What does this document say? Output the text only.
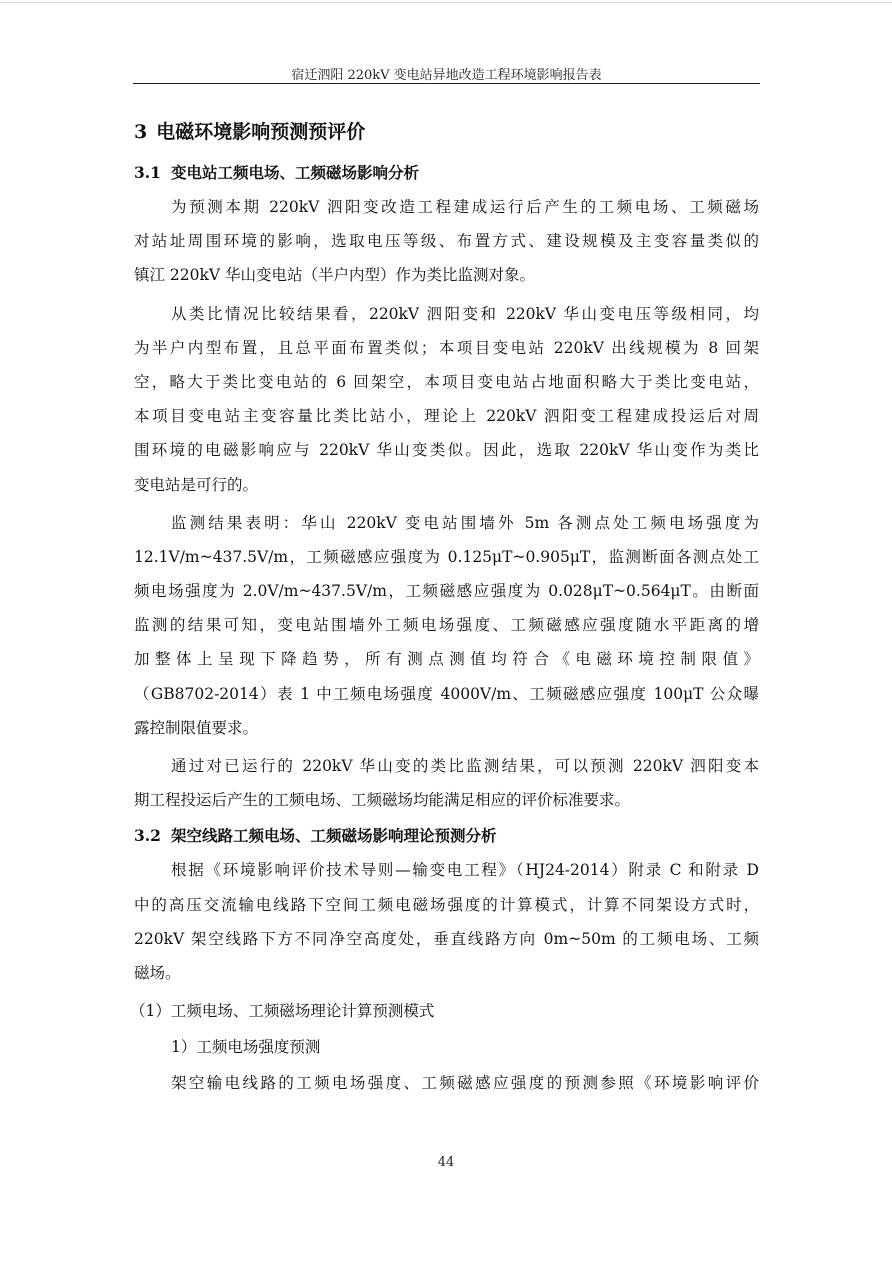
宿迁泗阳 220kV 变电站异地改造工程环境影响报告表
3 电磁环境影响预测预评价
3.1 变电站工频电场、工频磁场影响分析
为预测本期 220kV 泗阳变改造工程建成运行后产生的工频电场、工频磁场
对站址周围环境的影响，选取电压等级、布置方式、建设规模及主变容量类似的
镇江 220kV 华山变电站（半户内型）作为类比监测对象。
从类比情况比较结果看，220kV 泗阳变和 220kV 华山变电压等级相同，均
为半户内型布置，且总平面布置类似；本项目变电站 220kV 出线规模为 8 回架
空，略大于类比变电站的 6 回架空，本项目变电站占地面积略大于类比变电站，
本项目变电站主变容量比类比站小，理论上 220kV 泗阳变工程建成投运后对周
围环境的电磁影响应与 220kV 华山变类似。因此，选取 220kV 华山变作为类比
变电站是可行的。
监测结果表明：华山 220kV 变电站围墙外 5m 各测点处工频电场强度为
12.1V/m~437.5V/m，工频磁感应强度为 0.125μT~0.905μT，监测断面各测点处工
频电场强度为 2.0V/m~437.5V/m，工频磁感应强度为 0.028μT~0.564μT。由断面
监测的结果可知，变电站围墙外工频电场强度、工频磁感应强度随水平距离的增
加整体上呈现下降趋势，所有测点测值均符合《电磁环境控制限值》
（GB8702-2014）表 1 中工频电场强度 4000V/m、工频磁感应强度 100μT 公众曝
露控制限值要求。
通过对已运行的 220kV 华山变的类比监测结果，可以预测 220kV 泗阳变本
期工程投运后产生的工频电场、工频磁场均能满足相应的评价标准要求。
3.2 架空线路工频电场、工频磁场影响理论预测分析
根据《环境影响评价技术导则—输变电工程》（HJ24-2014）附录 C 和附录 D
中的高压交流输电线路下空间工频电磁场强度的计算模式，计算不同架设方式时，
220kV 架空线路下方不同净空高度处，垂直线路方向 0m~50m 的工频电场、工频
磁场。
（1）工频电场、工频磁场理论计算预测模式
1）工频电场强度预测
架空输电线路的工频电场强度、工频磁感应强度的预测参照《环境影响评价
44
